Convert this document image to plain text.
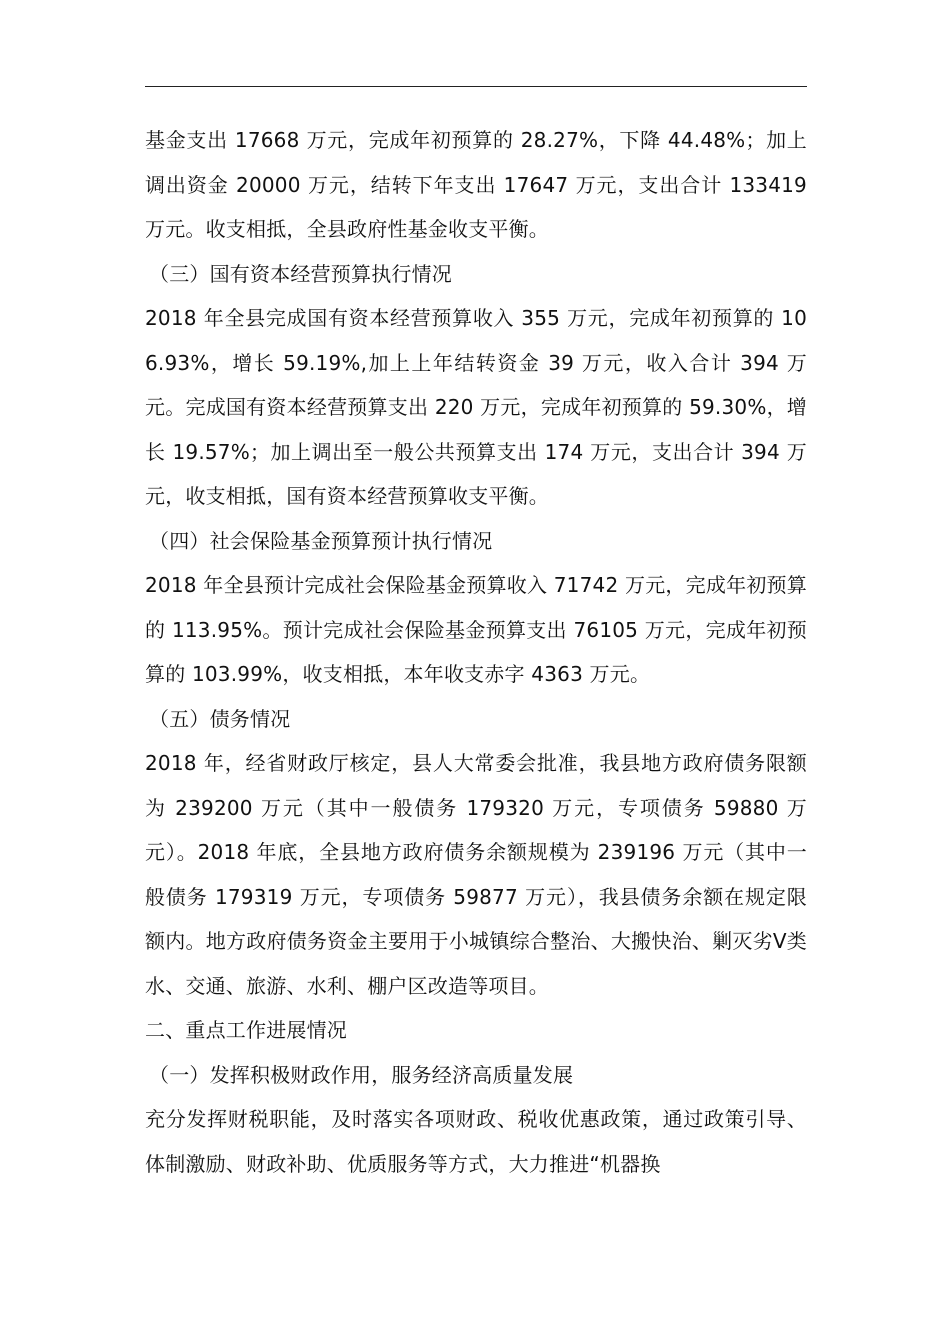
基金支出 17668 万元，完成年初预算的 28.27%，下降 44.48%；加上调出资金 20000 万元，结转下年支出 17647 万元，支出合计 133419 万元。收支相抵，全县政府性基金收支平衡。

（三）国有资本经营预算执行情况

2018 年全县完成国有资本经营预算收入 355 万元，完成年初预算的 106.93%，增长 59.19%,加上上年结转资金 39 万元，收入合计 394 万元。完成国有资本经营预算支出 220 万元，完成年初预算的 59.30%，增长 19.57%；加上调出至一般公共预算支出 174 万元，支出合计 394 万元，收支相抵，国有资本经营预算收支平衡。

（四）社会保险基金预算预计执行情况

2018 年全县预计完成社会保险基金预算收入 71742 万元，完成年初预算的 113.95%。预计完成社会保险基金预算支出 76105 万元，完成年初预算的 103.99%，收支相抵，本年收支赤字 4363 万元。

（五）债务情况

2018 年，经省财政厅核定，县人大常委会批准，我县地方政府债务限额为 239200 万元（其中一般债务 179320 万元，专项债务 59880 万元）。2018 年底，全县地方政府债务余额规模为 239196 万元（其中一般债务 179319 万元，专项债务 59877 万元），我县债务余额在规定限额内。地方政府债务资金主要用于小城镇综合整治、大搬快治、剿灭劣Ⅴ类水、交通、旅游、水利、棚户区改造等项目。

二、重点工作进展情况

（一）发挥积极财政作用，服务经济高质量发展

充分发挥财税职能，及时落实各项财政、税收优惠政策，通过政策引导、体制激励、财政补助、优质服务等方式，大力推进“机器换
